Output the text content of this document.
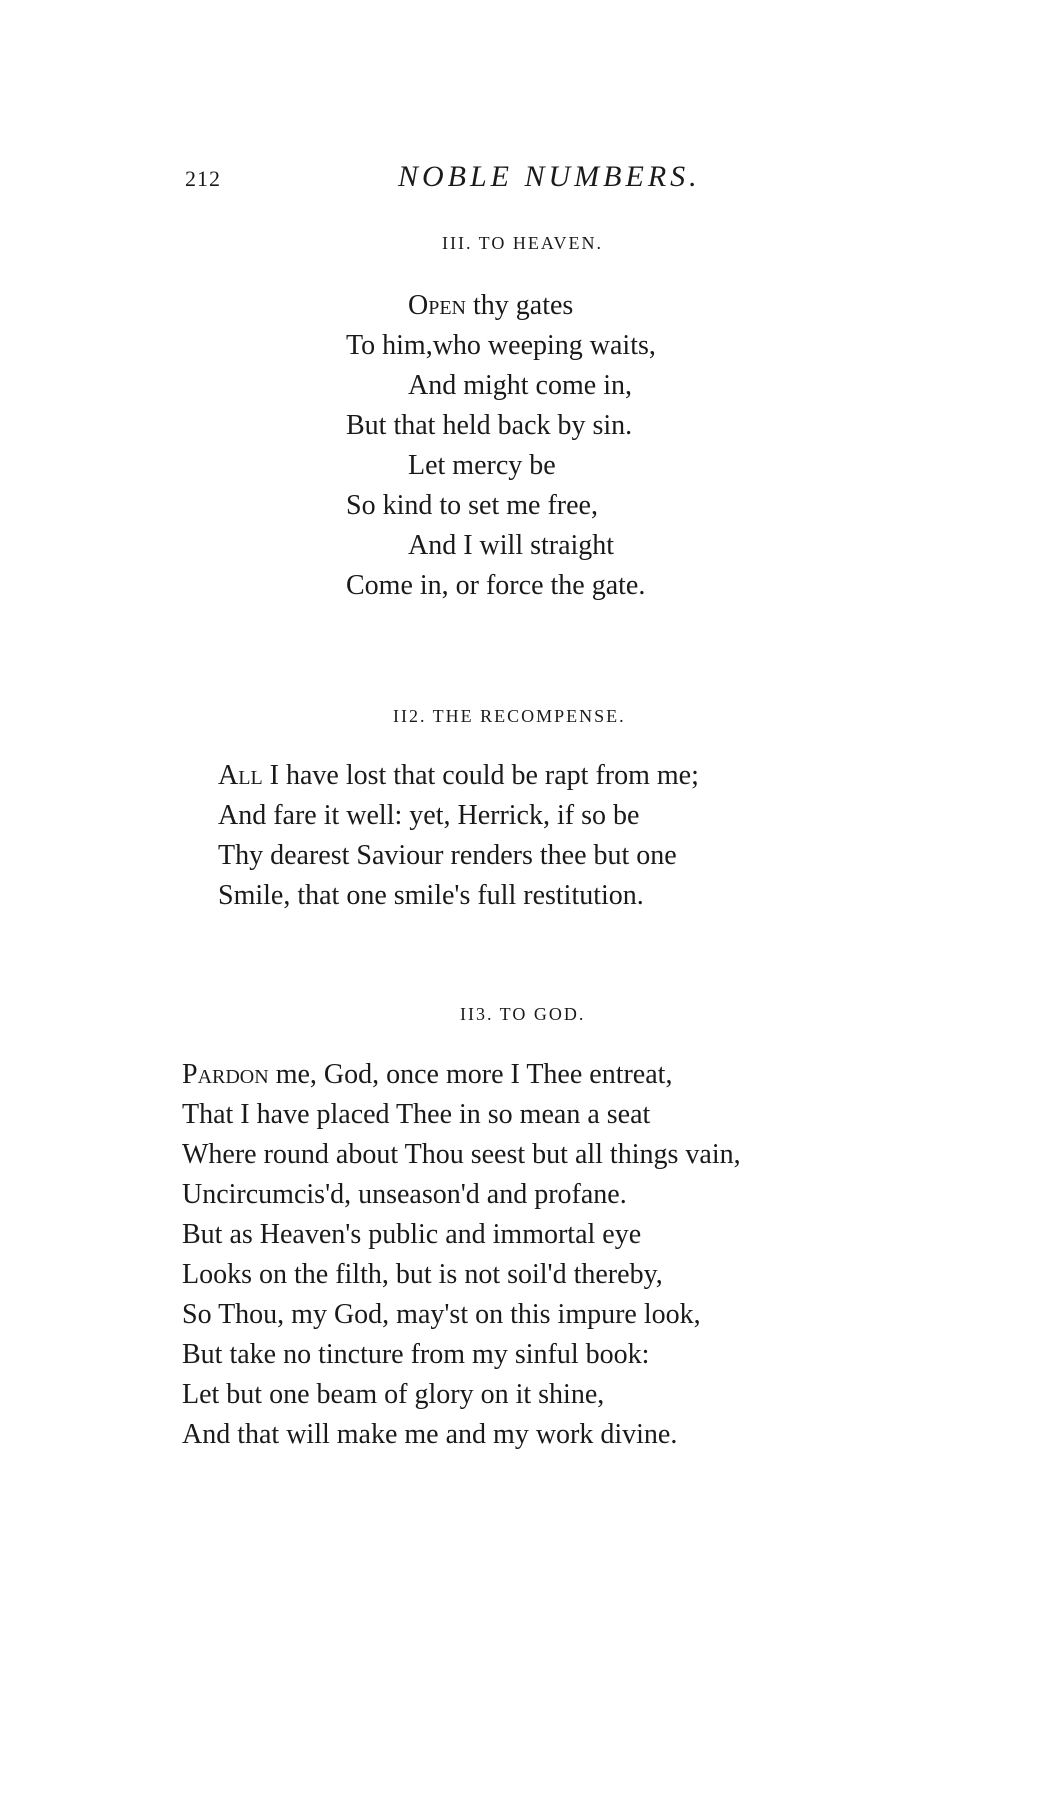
212	NOBLE NUMBERS.
III. TO HEAVEN.
Open thy gates
To him,who weeping waits,
And might come in,
But that held back by sin.
Let mercy be
So kind to set me free,
And I will straight
Come in, or force the gate.
II2. THE RECOMPENSE.
All I have lost that could be rapt from me;
And fare it well: yet, Herrick, if so be
Thy dearest Saviour renders thee but one
Smile, that one smile's full restitution.
II3. TO GOD.
Pardon me, God, once more I Thee entreat,
That I have placed Thee in so mean a seat
Where round about Thou seest but all things vain,
Uncircumcis'd, unseason'd and profane.
But as Heaven's public and immortal eye
Looks on the filth, but is not soil'd thereby,
So Thou, my God, may'st on this impure look,
But take no tincture from my sinful book:
Let but one beam of glory on it shine,
And that will make me and my work divine.
